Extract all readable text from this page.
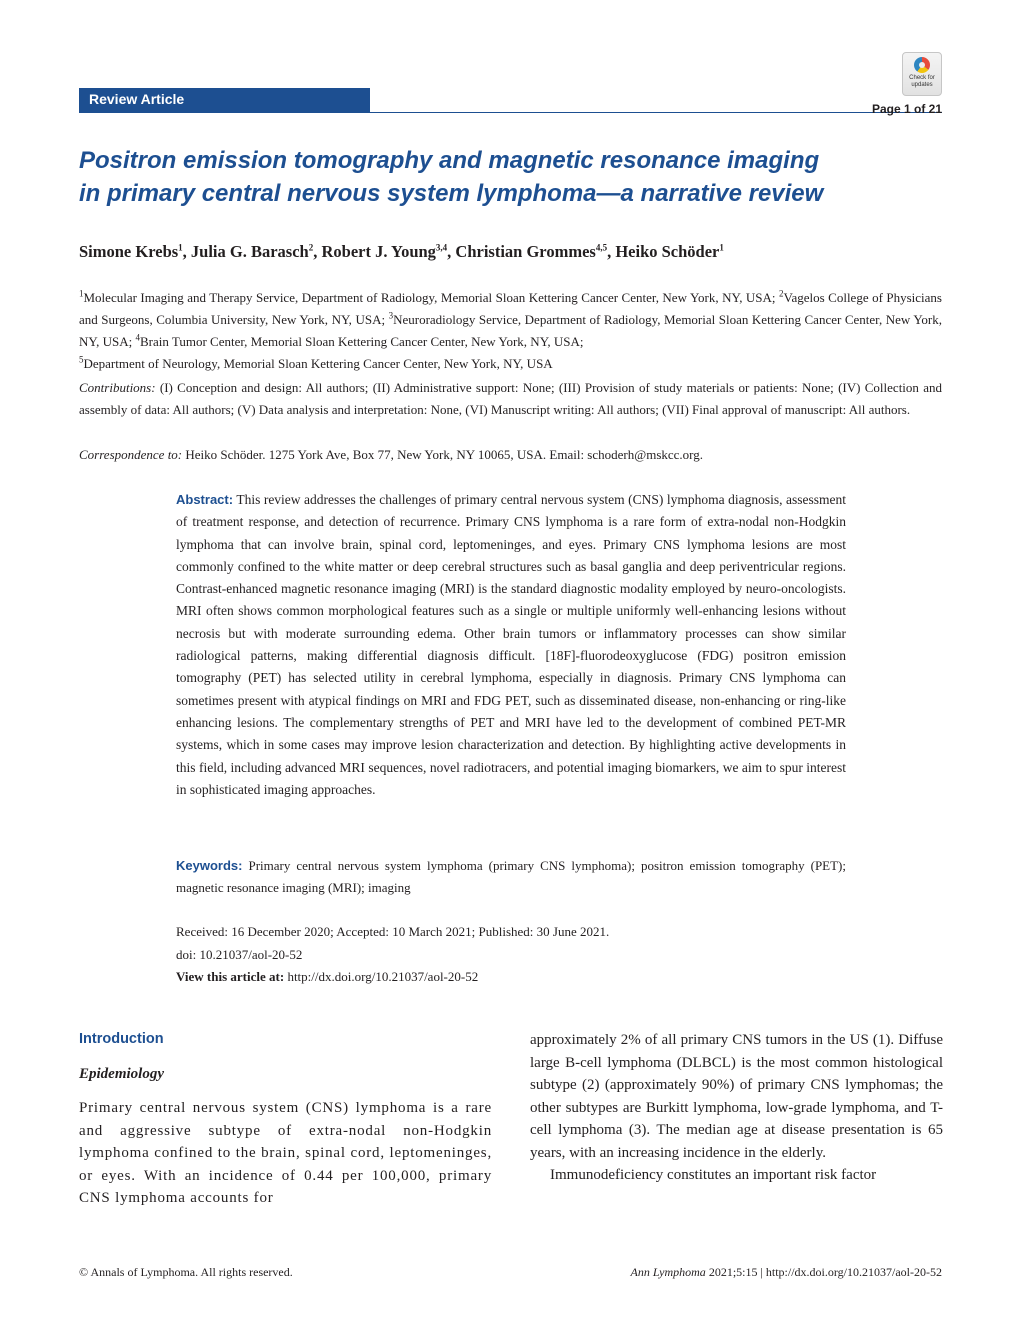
Review Article
Check for
updates
Page 1 of 21
Positron emission tomography and magnetic resonance imaging
in primary central nervous system lymphoma—a narrative review
Simone Krebs$^1$, Julia G. Barasch$^2$, Robert J. Young$^{3,4}$, Christian Grommes$^{4,5}$, Heiko Schöder$^1$
$^1$Molecular Imaging and Therapy Service, Department of Radiology, Memorial Sloan Kettering Cancer Center, New York, NY, USA; $^2$Vagelos College of Physicians and Surgeons, Columbia University, New York, NY, USA; $^3$Neuroradiology Service, Department of Radiology, Memorial Sloan Kettering Cancer Center, New York, NY, USA; $^4$Brain Tumor Center, Memorial Sloan Kettering Cancer Center, New York, NY, USA;
$^5$Department of Neurology, Memorial Sloan Kettering Cancer Center, New York, NY, USA
Contributions: (I) Conception and design: All authors; (II) Administrative support: None; (III) Provision of study materials or patients: None; (IV) Collection and assembly of data: All authors; (V) Data analysis and interpretation: None, (VI) Manuscript writing: All authors; (VII) Final approval of manuscript: All authors.
Correspondence to: Heiko Schöder. 1275 York Ave, Box 77, New York, NY 10065, USA. Email: schoderh@mskcc.org.
Abstract: This review addresses the challenges of primary central nervous system (CNS) lymphoma diagnosis, assessment of treatment response, and detection of recurrence. Primary CNS lymphoma is a rare form of extra-nodal non-Hodgkin lymphoma that can involve brain, spinal cord, leptomeninges, and eyes. Primary CNS lymphoma lesions are most commonly confined to the white matter or deep cerebral structures such as basal ganglia and deep periventricular regions. Contrast-enhanced magnetic resonance imaging (MRI) is the standard diagnostic modality employed by neuro-oncologists. MRI often shows common morphological features such as a single or multiple uniformly well-enhancing lesions without necrosis but with moderate surrounding edema. Other brain tumors or inflammatory processes can show similar radiological patterns, making differential diagnosis difficult. [18F]-fluorodeoxyglucose (FDG) positron emission tomography (PET) has selected utility in cerebral lymphoma, especially in diagnosis. Primary CNS lymphoma can sometimes present with atypical findings on MRI and FDG PET, such as disseminated disease, non-enhancing or ring-like enhancing lesions. The complementary strengths of PET and MRI have led to the development of combined PET-MR systems, which in some cases may improve lesion characterization and detection. By highlighting active developments in this field, including advanced MRI sequences, novel radiotracers, and potential imaging biomarkers, we aim to spur interest in sophisticated imaging approaches.
Keywords: Primary central nervous system lymphoma (primary CNS lymphoma); positron emission tomography (PET); magnetic resonance imaging (MRI); imaging
Received: 16 December 2020; Accepted: 10 March 2021; Published: 30 June 2021.
doi: 10.21037/aol-20-52
View this article at: http://dx.doi.org/10.21037/aol-20-52
Introduction
Epidemiology
Primary central nervous system (CNS) lymphoma is a rare and aggressive subtype of extra-nodal non-Hodgkin lymphoma confined to the brain, spinal cord, leptomeninges, or eyes. With an incidence of 0.44 per 100,000, primary CNS lymphoma accounts for
approximately 2% of all primary CNS tumors in the US (1). Diffuse large B-cell lymphoma (DLBCL) is the most common histological subtype (2) (approximately 90%) of primary CNS lymphomas; the other subtypes are Burkitt lymphoma, low-grade lymphoma, and T-cell lymphoma (3). The median age at disease presentation is 65 years, with an increasing incidence in the elderly.
Immunodeficiency constitutes an important risk factor
© Annals of Lymphoma. All rights reserved.	Ann Lymphoma 2021;5:15 | http://dx.doi.org/10.21037/aol-20-52
